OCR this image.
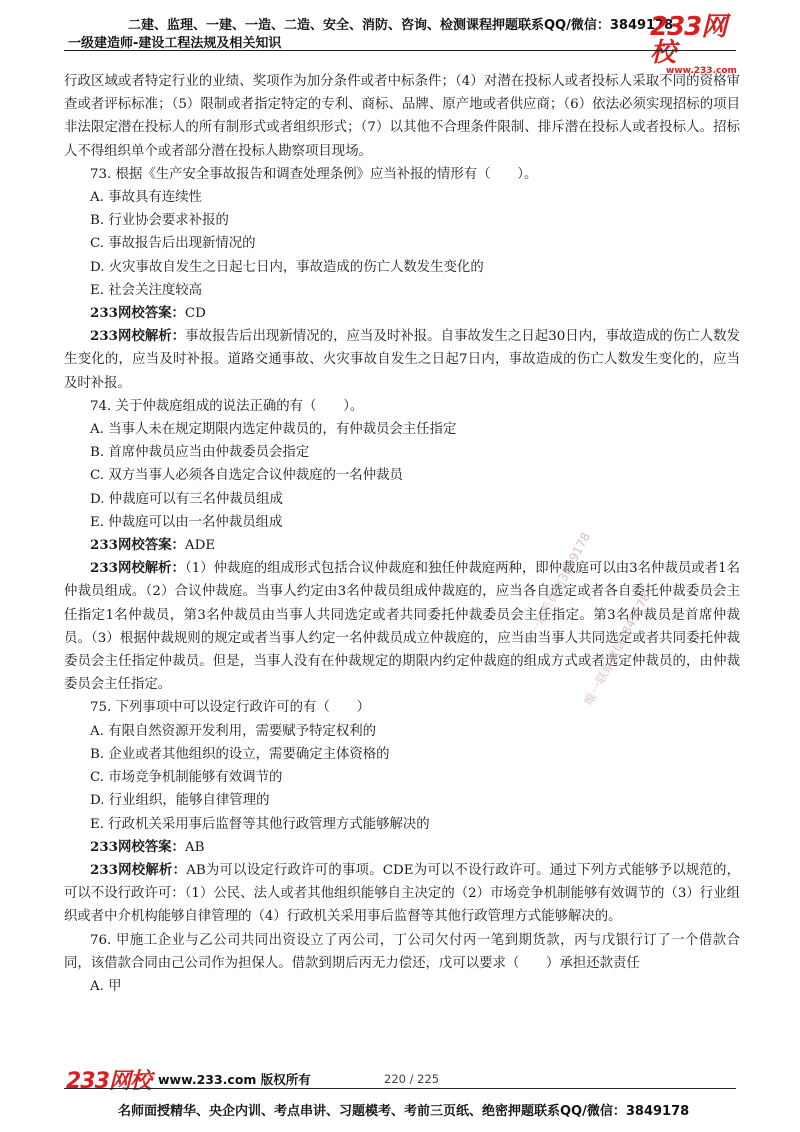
二建、监理、一建、一造、二造、安全、消防、咨询、检测课程押题联系QQ/微信：3849178
一级建造师-建设工程法规及相关知识
233网校
www.233.com

行政区域或者特定行业的业绩、奖项作为加分条件或者中标条件；（4）对潜在投标人或者投标人采取不同的资格审查或者评标标准；（5）限制或者指定特定的专利、商标、品牌、原产地或者供应商；（6）依法必须实现招标的项目非法限定潜在投标人的所有制形式或者组织形式；（7）以其他不合理条件限制、排斥潜在投标人或者投标人。招标人不得组织单个或者部分潜在投标人勘察项目现场。

73. 根据《生产安全事故报告和调查处理条例》应当补报的情形有（　　）。

A. 事故具有连续性

B. 行业协会要求补报的

C. 事故报告后出现新情况的

D. 火灾事故自发生之日起七日内，事故造成的伤亡人数发生变化的

E. 社会关注度较高

233网校答案：CD

233网校解析：事故报告后出现新情况的，应当及时补报。自事故发生之日起30日内，事故造成的伤亡人数发生变化的，应当及时补报。道路交通事故、火灾事故自发生之日起7日内，事故造成的伤亡人数发生变化的，应当及时补报。

74. 关于仲裁庭组成的说法正确的有（　　）。

A. 当事人未在规定期限内选定仲裁员的，有仲裁员会主任指定

B. 首席仲裁员应当由仲裁委员会指定

C. 双方当事人必须各自选定合议仲裁庭的一名仲裁员

D. 仲裁庭可以有三名仲裁员组成

E. 仲裁庭可以由一名仲裁员组成

233网校答案：ADE

233网校解析：（1）仲裁庭的组成形式包括合议仲裁庭和独任仲裁庭两种，即仲裁庭可以由3名仲裁员或者1名仲裁员组成。（2）合议仲裁庭。当事人约定由3名仲裁员组成仲裁庭的，应当各自选定或者各自委托仲裁委员会主任指定1名仲裁员，第3名仲裁员由当事人共同选定或者共同委托仲裁委员会主任指定。第3名仲裁员是首席仲裁员。（3）根据仲裁规则的规定或者当事人约定一名仲裁员成立仲裁庭的，应当由当事人共同选定或者共同委托仲裁委员会主任指定仲裁员。但是，当事人没有在仲裁规定的期限内约定仲裁庭的组成方式或者选定仲裁员的，由仲裁委员会主任指定。

75. 下列事项中可以设定行政许可的有（　　）

A. 有限自然资源开发利用，需要赋予特定权利的

B. 企业或者其他组织的设立，需要确定主体资格的

C. 市场竞争机制能够有效调节的

D. 行业组织，能够自律管理的

E. 行政机关采用事后监督等其他行政管理方式能够解决的

233网校答案：AB

233网校解析：AB为可以设定行政许可的事项。CDE为可以不设行政许可。通过下列方式能够予以规范的，可以不设行政许可：（1）公民、法人或者其他组织能够自主决定的（2）市场竞争机制能够有效调节的（3）行业组织或者中介机构能够自律管理的（4）行政机关采用事后监督等其他行政管理方式能够解决的。

76. 甲施工企业与乙公司共同出资设立了丙公司，丁公司欠付丙一笔到期货款，丙与戊银行订了一个借款合同，该借款合同由己公司作为担保人。借款到期后丙无力偿还，戊可以要求（　　）承担还款责任

A. 甲

唯一联系微信3849178
唯一联系微信3849178
233网校 www.233.com 版权所有	220 / 225
名师面授精华、央企内训、考点串讲、习题模考、考前三页纸、绝密押题联系QQ/微信：3849178
